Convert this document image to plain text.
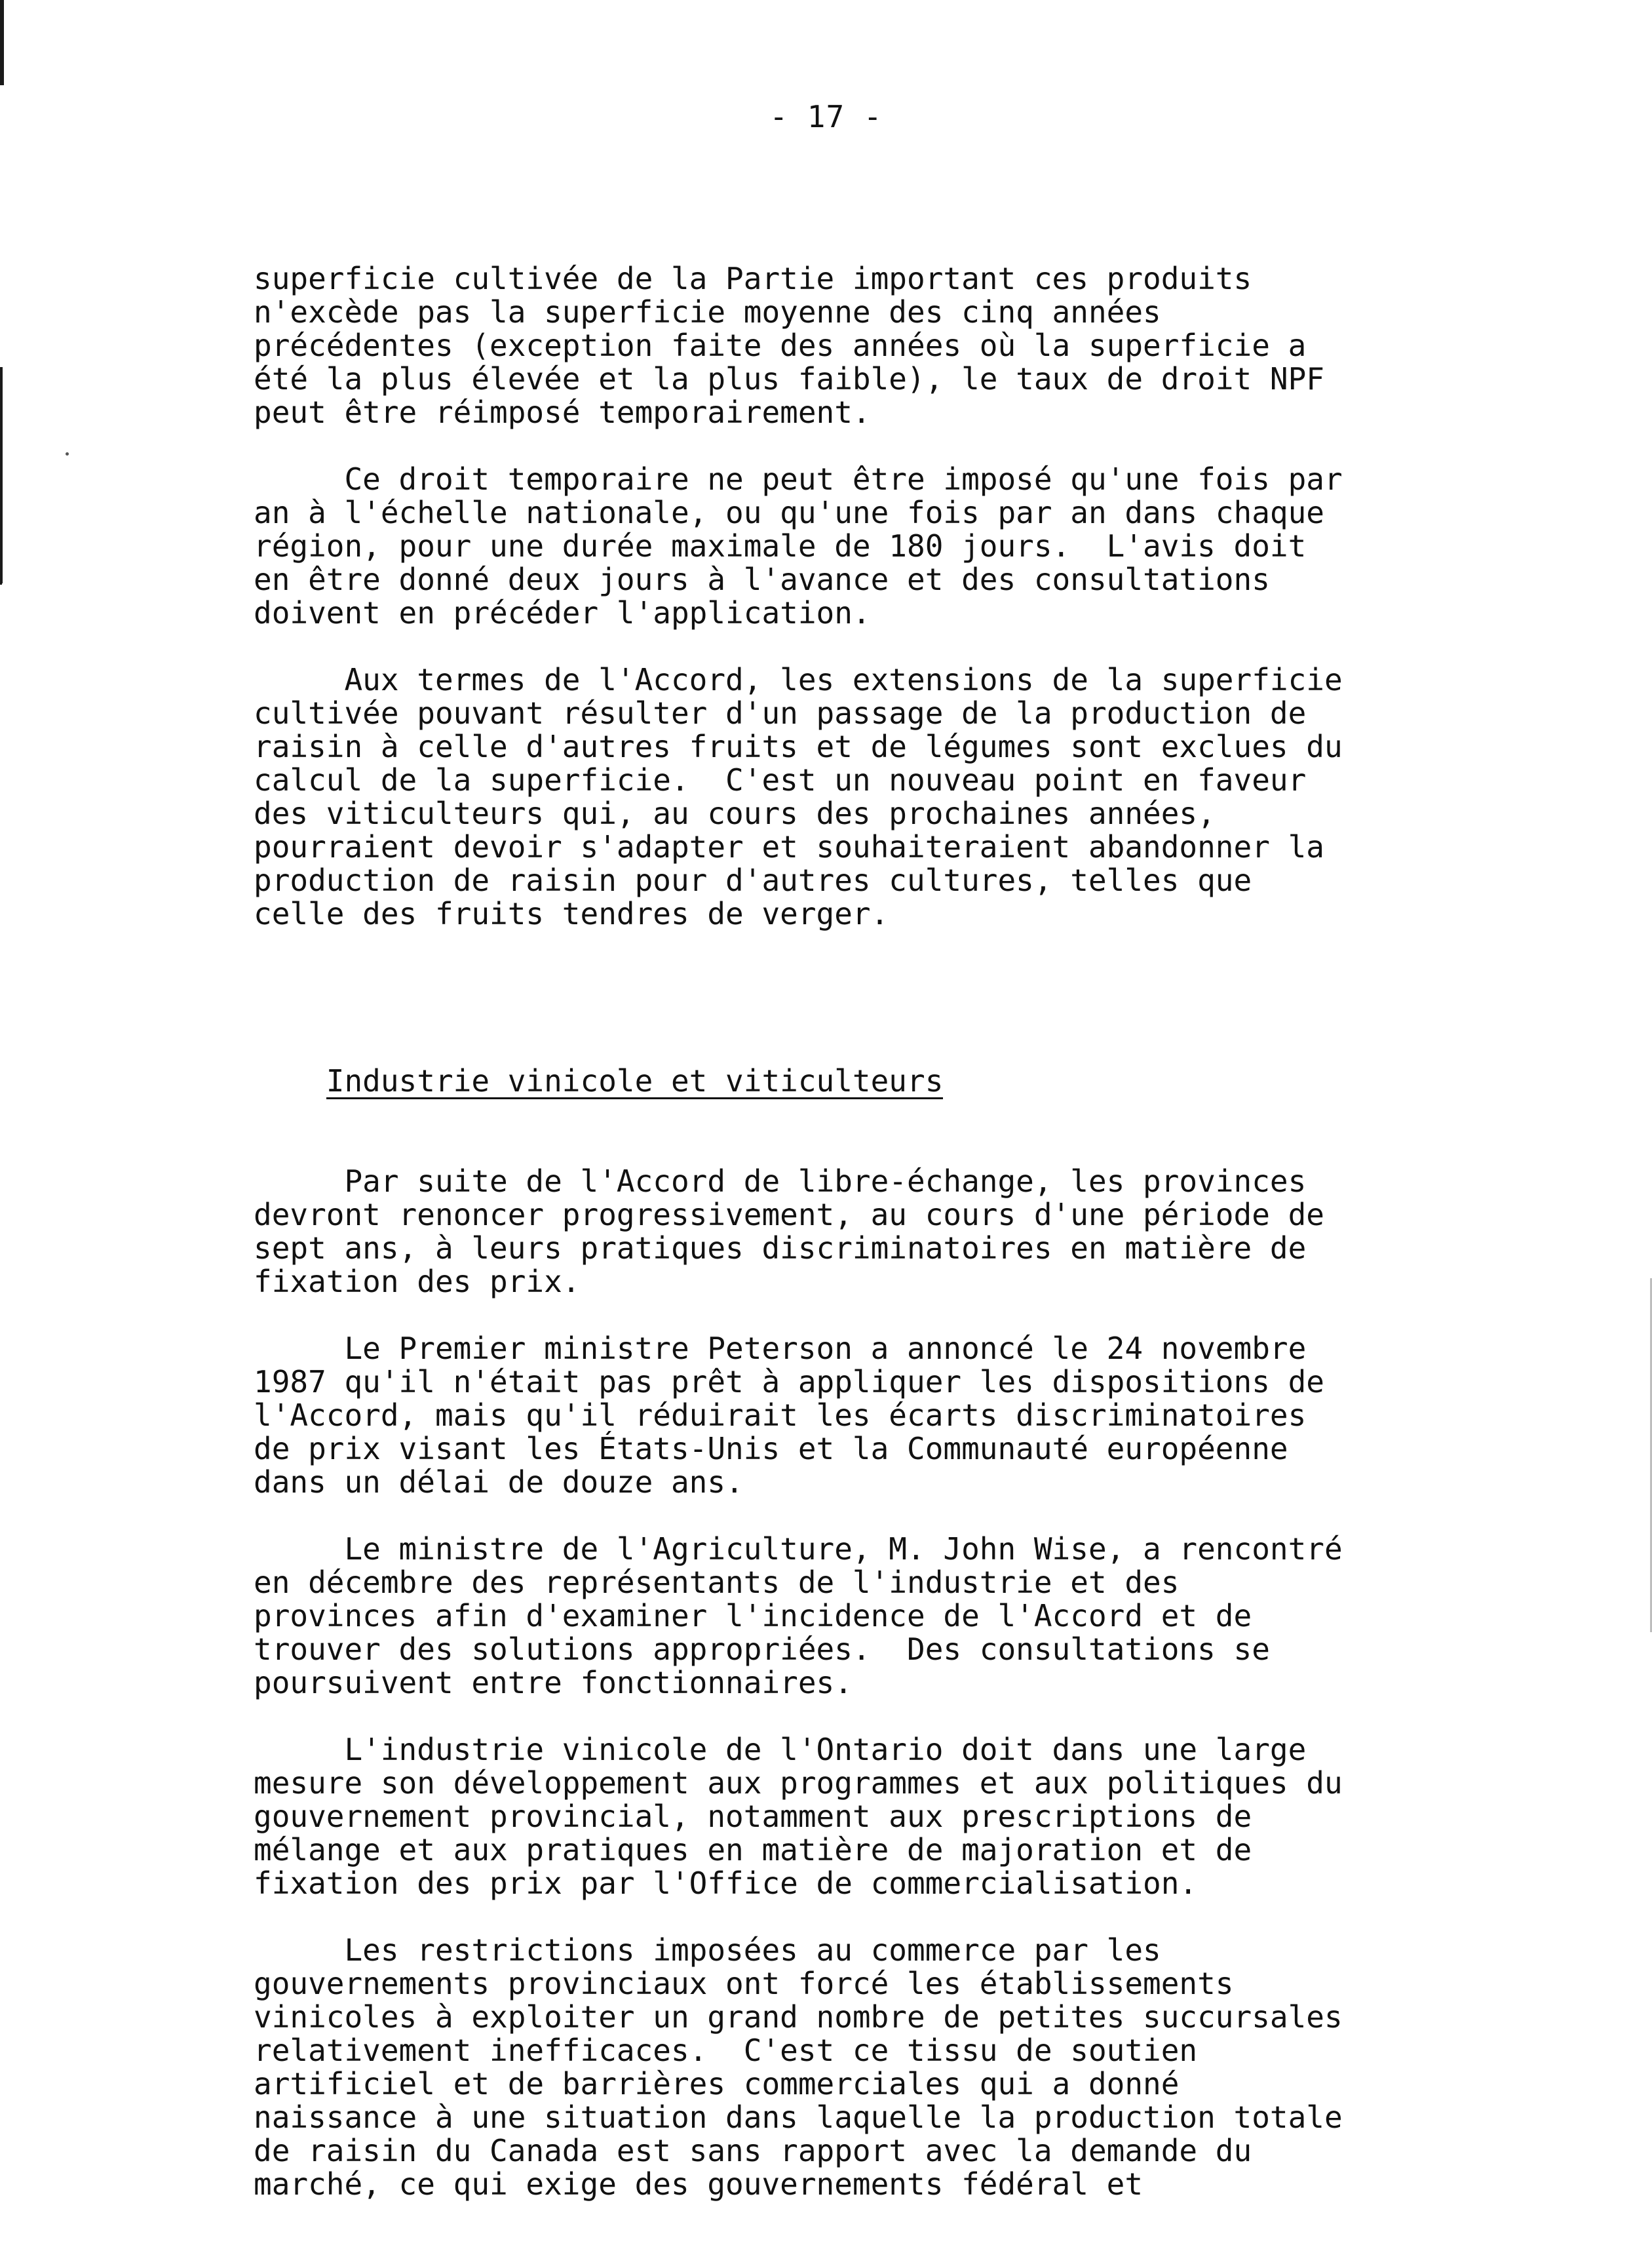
- 17 -

superficie cultivée de la Partie important ces produits
n'excède pas la superficie moyenne des cinq années
précédentes (exception faite des années où la superficie a
été la plus élevée et la plus faible), le taux de droit NPF
peut être réimposé temporairement.
Ce droit temporaire ne peut être imposé qu'une fois par
an à l'échelle nationale, ou qu'une fois par an dans chaque
région, pour une durée maximale de 180 jours.  L'avis doit
en être donné deux jours à l'avance et des consultations
doivent en précéder l'application.
Aux termes de l'Accord, les extensions de la superficie
cultivée pouvant résulter d'un passage de la production de
raisin à celle d'autres fruits et de légumes sont exclues du
calcul de la superficie.  C'est un nouveau point en faveur
des viticulteurs qui, au cours des prochaines années,
pourraient devoir s'adapter et souhaiteraient abandonner la
production de raisin pour d'autres cultures, telles que
celle des fruits tendres de verger.

Industrie vinicole et viticulteurs

Par suite de l'Accord de libre-échange, les provinces
devront renoncer progressivement, au cours d'une période de
sept ans, à leurs pratiques discriminatoires en matière de
fixation des prix.
Le Premier ministre Peterson a annoncé le 24 novembre
1987 qu'il n'était pas prêt à appliquer les dispositions de
l'Accord, mais qu'il réduirait les écarts discriminatoires
de prix visant les États-Unis et la Communauté européenne
dans un délai de douze ans.
Le ministre de l'Agriculture, M. John Wise, a rencontré
en décembre des représentants de l'industrie et des
provinces afin d'examiner l'incidence de l'Accord et de
trouver des solutions appropriées.  Des consultations se
poursuivent entre fonctionnaires.
L'industrie vinicole de l'Ontario doit dans une large
mesure son développement aux programmes et aux politiques du
gouvernement provincial, notamment aux prescriptions de
mélange et aux pratiques en matière de majoration et de
fixation des prix par l'Office de commercialisation.
Les restrictions imposées au commerce par les
gouvernements provinciaux ont forcé les établissements
vinicoles à exploiter un grand nombre de petites succursales
relativement inefficaces.  C'est ce tissu de soutien
artificiel et de barrières commerciales qui a donné
naissance à une situation dans laquelle la production totale
de raisin du Canada est sans rapport avec la demande du
marché, ce qui exige des gouvernements fédéral et
